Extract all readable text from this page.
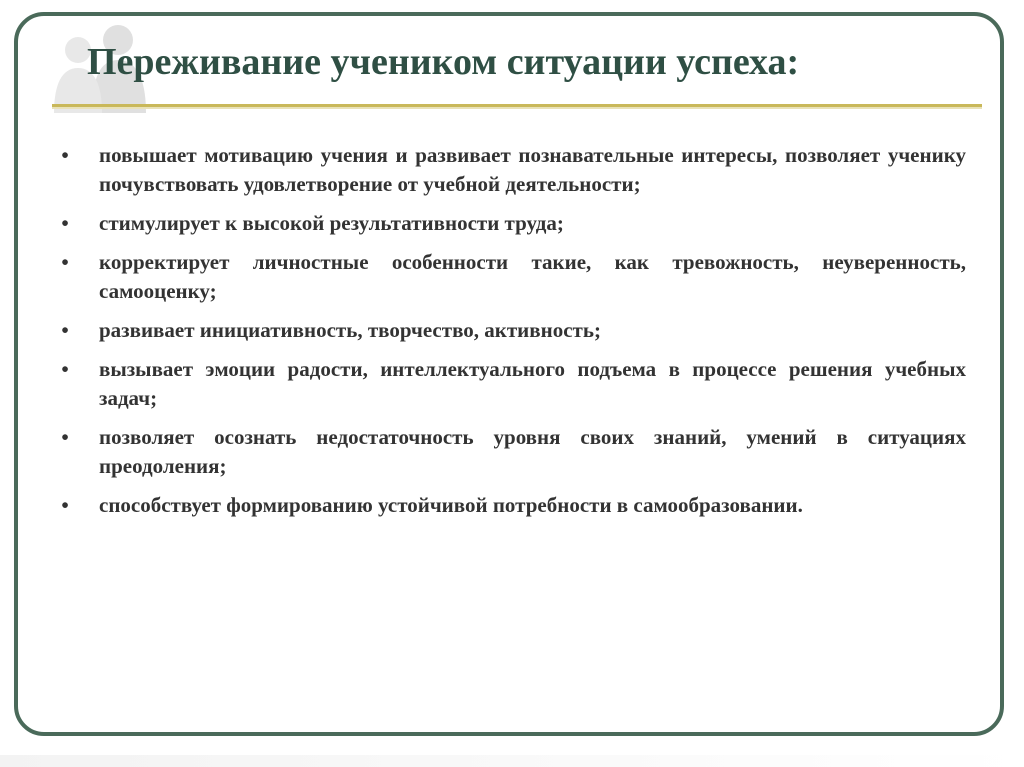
Переживание учеником ситуации успеха:
• повышает мотивацию учения и развивает познавательные интересы, позволяет ученику почувствовать удовлетворение от учебной деятельности;
• стимулирует к высокой результативности труда;
• корректирует личностные особенности такие, как тревожность, неуверенность, самооценку;
• развивает инициативность, творчество, активность;
• вызывает эмоции радости, интеллектуального подъема в процессе решения учебных задач;
• позволяет осознать недостаточность уровня своих знаний, умений в ситуациях преодоления;
• способствует формированию устойчивой потребности в самообразовании.
